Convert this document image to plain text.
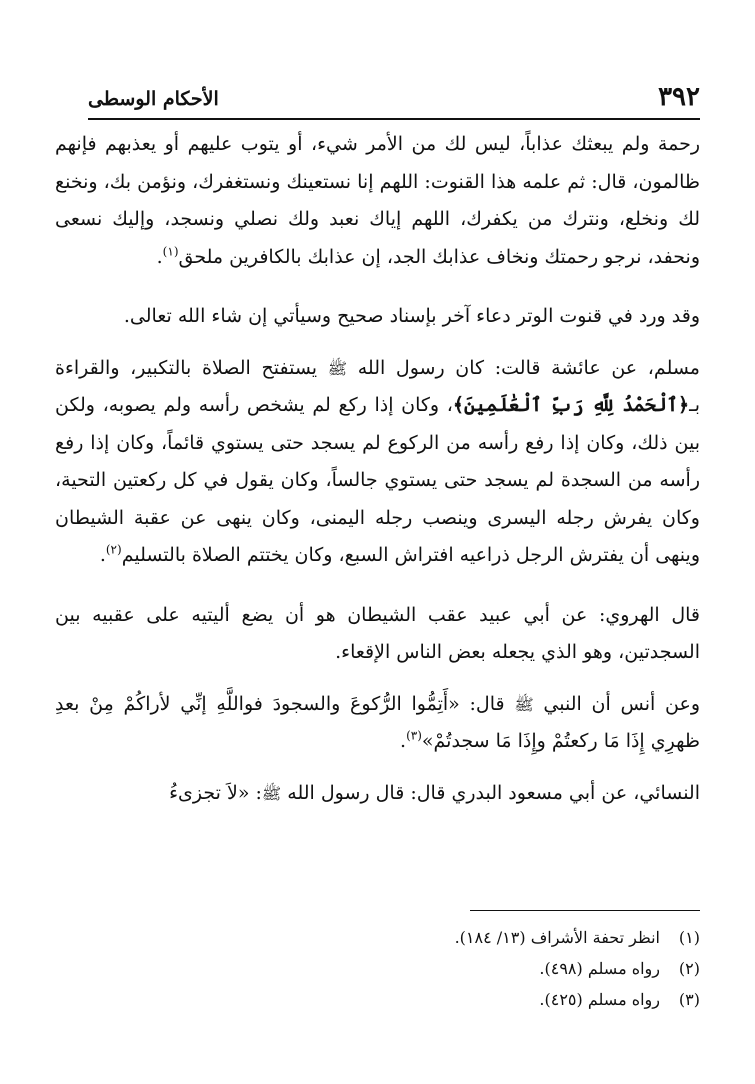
٣٩٢
الأحكام الوسطى

رحمة ولم يبعثك عذاباً، ليس لك من الأمر شيء، أو يتوب عليهم أو يعذبهم فإنهم ظالمون، قال: ثم علمه هذا القنوت: اللهم إنا نستعينك ونستغفرك، ونؤمن بك، ونخنع لك ونخلع، ونترك من يكفرك، اللهم إياك نعبد ولك نصلي ونسجد، وإليك نسعى ونحفد، نرجو رحمتك ونخاف عذابك الجد، إن عذابك بالكافرين ملحق$^{(١)}$.

وقد ورد في قنوت الوتر دعاء آخر بإسناد صحيح وسيأتي إن شاء الله تعالى.

مسلم، عن عائشة قالت: كان رسول الله ﷺ يستفتح الصلاة بالتكبير، والقراءة بـ﴿ٱلْحَمْدُ لِلَّهِ رَبِّ ٱلْعَٰلَمِينَ﴾، وكان إذا ركع لم يشخص رأسه ولم يصوبه، ولكن بين ذلك، وكان إذا رفع رأسه من الركوع لم يسجد حتى يستوي قائماً، وكان إذا رفع رأسه من السجدة لم يسجد حتى يستوي جالساً، وكان يقول في كل ركعتين التحية، وكان يفرش رجله اليسرى وينصب رجله اليمنى، وكان ينهى عن عقبة الشيطان وينهى أن يفترش الرجل ذراعيه افتراش السبع، وكان يختتم الصلاة بالتسليم$^{(٢)}$.

قال الهروي: عن أبي عبيد عقب الشيطان هو أن يضع أليتيه على عقبيه بين السجدتين، وهو الذي يجعله بعض الناس الإقعاء.

وعن أنس أن النبي ﷺ قال: «أَتِمُّوا الرُّكوعَ والسجودَ فواللَّهِ إنِّي لأراكُمْ مِنْ بعدِ ظهرِي إِذَا مَا ركعتُمْ وإِذَا مَا سجدتُمْ»$^{(٣)}$.

النسائي، عن أبي مسعود البدري قال: قال رسول الله ﷺ: «لاَ تجزىءُ

(١)انظر تحفة الأشراف (١٣/ ١٨٤).

(٢)رواه مسلم (٤٩٨).

(٣)رواه مسلم (٤٢٥).
